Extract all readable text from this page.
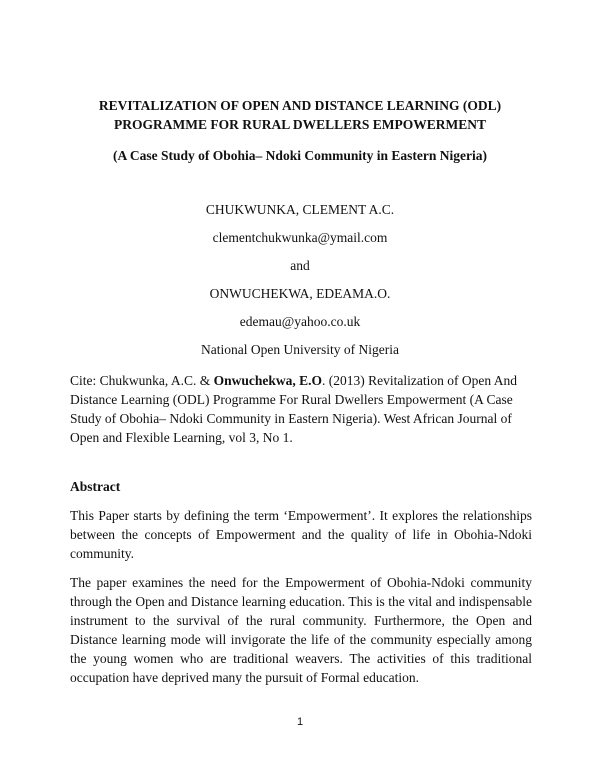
REVITALIZATION OF OPEN AND DISTANCE LEARNING (ODL)
PROGRAMME FOR RURAL DWELLERS EMPOWERMENT
(A Case Study of Obohia– Ndoki Community in Eastern Nigeria)
CHUKWUNKA, CLEMENT A.C.
clementchukwunka@ymail.com
and
ONWUCHEKWA, EDEAMA.O.
edemau@yahoo.co.uk
National Open University of Nigeria
Cite: Chukwunka, A.C. & Onwuchekwa, E.O. (2013) Revitalization of Open And Distance Learning (ODL) Programme For Rural Dwellers Empowerment (A Case Study of Obohia– Ndoki Community in Eastern Nigeria). West African Journal of Open and Flexible Learning, vol 3, No 1.
Abstract
This Paper starts by defining the term ‘Empowerment’. It explores the relationships between the concepts of Empowerment and the quality of life in Obohia-Ndoki community.
The paper examines the need for the Empowerment of Obohia-Ndoki community through the Open and Distance learning education. This is the vital and indispensable instrument to the survival of the rural community. Furthermore, the Open and Distance learning mode will invigorate the life of the community especially among the young women who are traditional weavers. The activities of this traditional occupation have deprived many the pursuit of Formal education.
1
